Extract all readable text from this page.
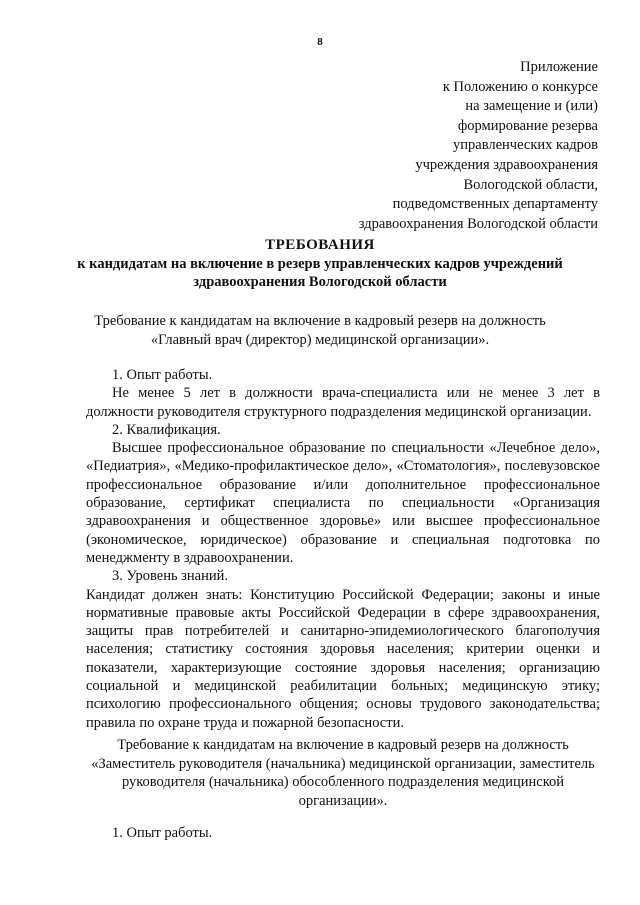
8
Приложение
к Положению о конкурсе
на замещение и (или)
формирование резерва
управленческих кадров
учреждения здравоохранения
Вологодской области,
подведомственных департаменту
здравоохранения Вологодской области
ТРЕБОВАНИЯ
к кандидатам на включение в резерв управленческих кадров учреждений
здравоохранения Вологодской области
Требование к кандидатам на включение в кадровый резерв на должность
«Главный врач (директор) медицинской организации».

1. Опыт работы.

Не менее 5 лет в должности врача-специалиста или не менее 3 лет в должности руководителя структурного подразделения медицинской организации.

2. Квалификация.

Высшее профессиональное образование по специальности «Лечебное дело», «Педиатрия», «Медико-профилактическое дело», «Стоматология», послевузовское профессиональное образование и/или дополнительное профессиональное образование, сертификат специалиста по специальности «Организация здравоохранения и общественное здоровье» или высшее профессиональное (экономическое, юридическое) образование и специальная подготовка по менеджменту в здравоохранении.

3. Уровень знаний.

Кандидат должен знать: Конституцию Российской Федерации; законы и иные нормативные правовые акты Российской Федерации в сфере здравоохранения, защиты прав потребителей и санитарно-эпидемиологического благополучия населения; статистику состояния здоровья населения; критерии оценки и показатели, характеризующие состояние здоровья населения; организацию социальной и медицинской реабилитации больных; медицинскую этику; психологию профессионального общения; основы трудового законодательства; правила по охране труда и пожарной безопасности.

Требование к кандидатам на включение в кадровый резерв на должность «Заместитель руководителя (начальника) медицинской организации, заместитель руководителя (начальника) обособленного подразделения медицинской организации».

1. Опыт работы.
